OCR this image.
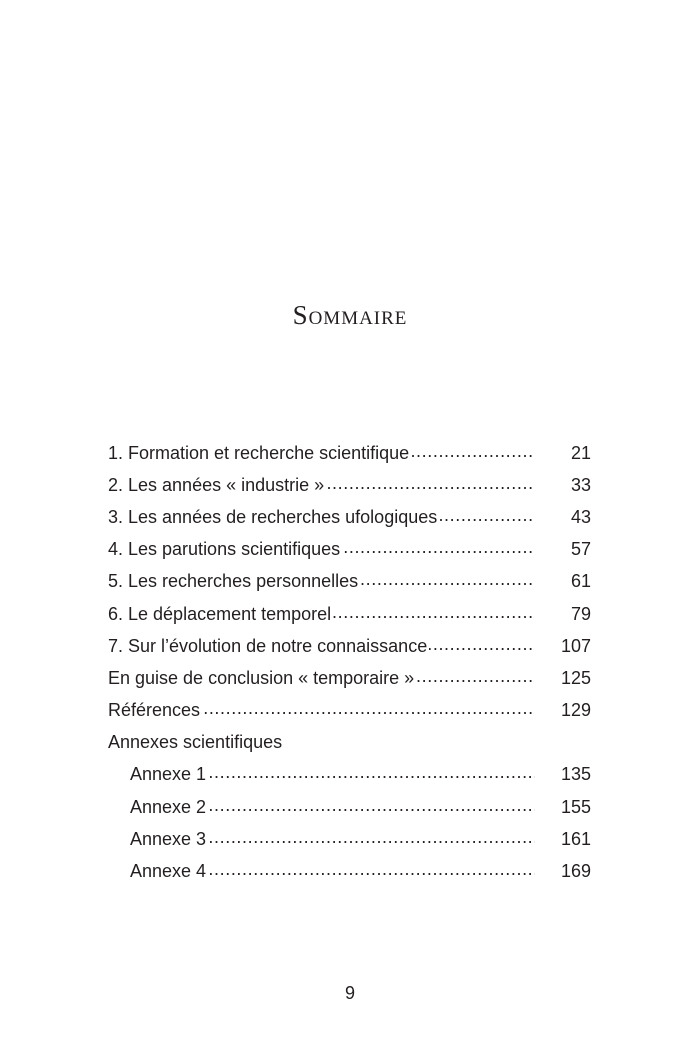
Sommaire
1. Formation et recherche scientifique .....	21
2. Les années « industrie » .....	33
3. Les années de recherches ufologiques .....	43
4. Les parutions scientifiques .....	57
5. Les recherches personnelles .....	61
6. Le déplacement temporel .....	79
7. Sur l’évolution de notre connaissance .....	107
En guise de conclusion « temporaire » .....	125
Références .....	129
Annexes scientifiques
Annexe 1 .....	135
Annexe 2 .....	155
Annexe 3 .....	161
Annexe 4 .....	169
9
